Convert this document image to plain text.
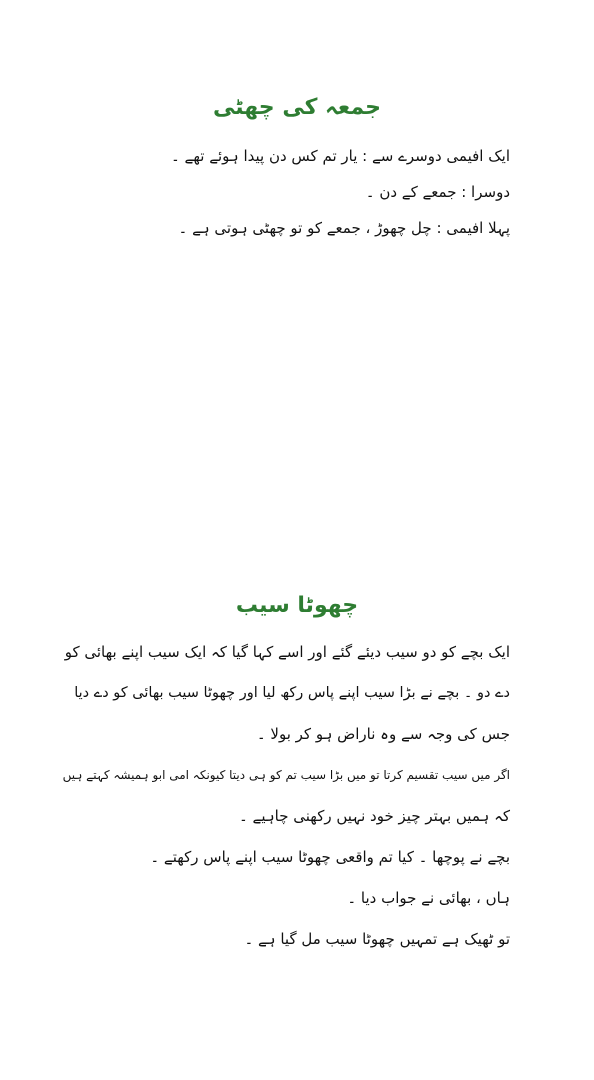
جمعہ کی چھٹی
ایک افیمی دوسرے سے : یار تم کس دن پیدا ہوئے تھے ۔
دوسرا : جمعے کے دن ۔
پہلا افیمی : چل چھوڑ ، جمعے کو تو چھٹی ہوتی ہے ۔
چھوٹا سیب
ایک بچے کو دو سیب دیئے گئے اور اسے کہا گیا کہ ایک سیب اپنے بھائی کو
دے دو ۔ بچے نے بڑا سیب اپنے پاس رکھ لیا اور چھوٹا سیب بھائی کو دے دیا
جس کی وجہ سے وہ ناراض ہو کر بولا ۔
اگر میں سیب تقسیم کرتا تو میں بڑا سیب تم کو ہی دیتا کیونکہ امی ابو ہمیشہ کہتے ہیں
کہ ہمیں بہتر چیز خود نہیں رکھنی چاہیے ۔
بچے نے پوچھا ۔ کیا تم واقعی چھوٹا سیب اپنے پاس رکھتے ۔
ہاں ، بھائی نے جواب دیا ۔
تو ٹھیک ہے تمہیں چھوٹا سیب مل گیا ہے ۔
